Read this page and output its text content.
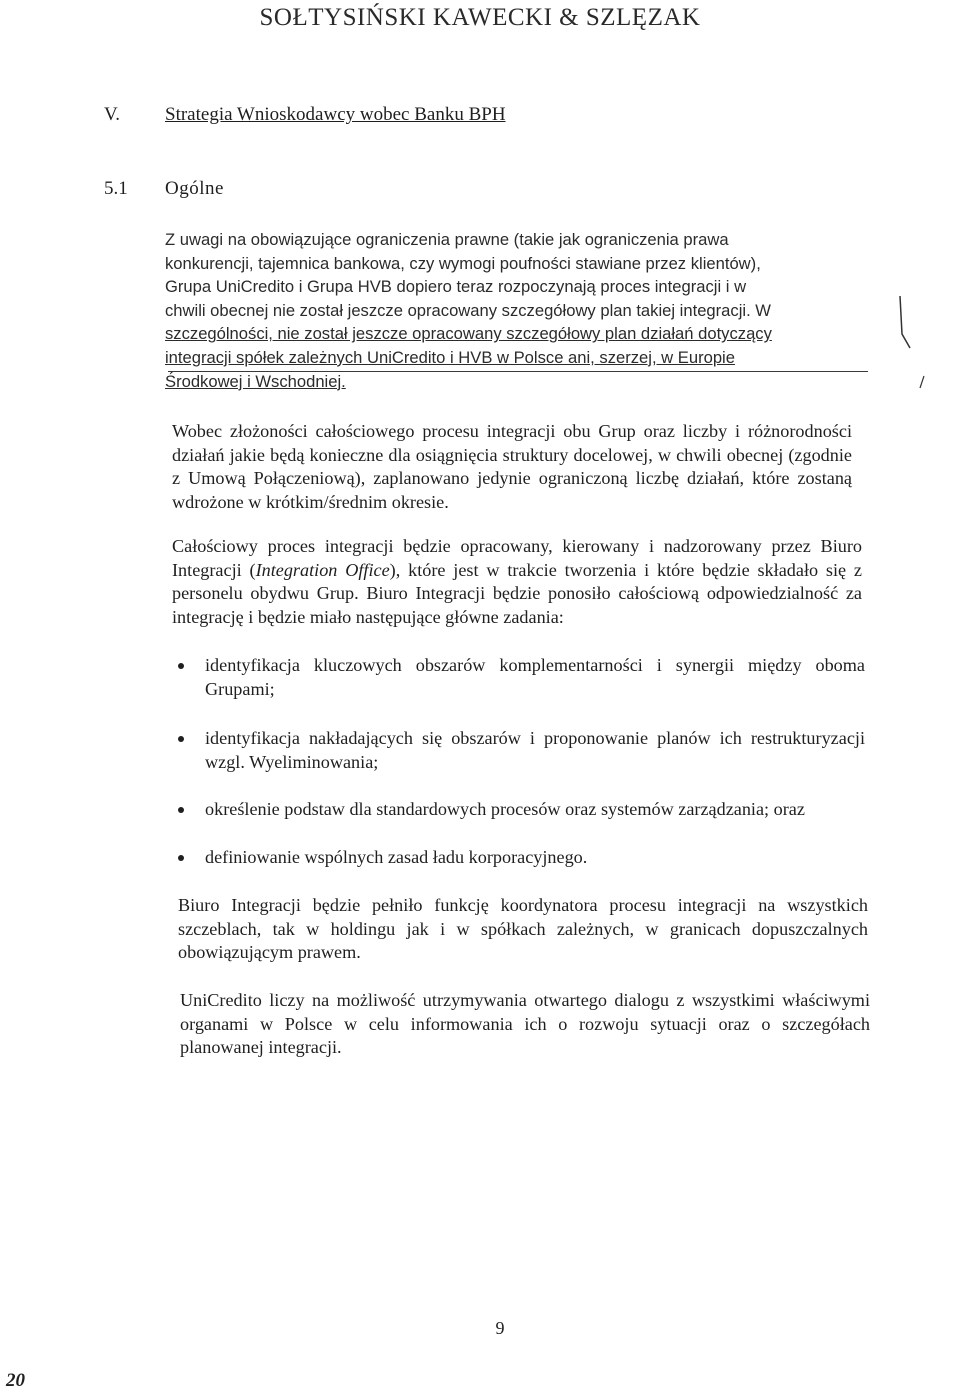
SOŁTYSIŃSKI KAWECKI & SZLĘZAK
V. Strategia Wnioskodawcy wobec Banku BPH
5.1 Ogólne
Z uwagi na obowiązujące ograniczenia prawne (takie jak ograniczenia prawa
konkurencji, tajemnica bankowa, czy wymogi poufności stawiane przez klientów),
Grupa UniCredito i Grupa HVB dopiero teraz rozpoczynają proces integracji i w
chwili obecnej nie został jeszcze opracowany szczegółowy plan takiej integracji. W
szczególności, nie został jeszcze opracowany szczegółowy plan działań dotyczący
integracji spółek zależnych UniCredito i HVB w Polsce ani, szerzej, w Europie
Środkowej i Wschodniej.

Wobec złożoności całościowego procesu integracji obu Grup oraz liczby i różnorodności działań jakie będą konieczne dla osiągnięcia struktury docelowej, w chwili obecnej (zgodnie z Umową Połączeniową), zaplanowano jedynie ograniczoną liczbę działań, które zostaną wdrożone w krótkim/średnim okresie.

Całościowy proces integracji będzie opracowany, kierowany i nadzorowany przez Biuro Integracji (Integration Office), które jest w trakcie tworzenia i które będzie składało się z personelu obydwu Grup. Biuro Integracji będzie ponosiło całościową odpowiedzialność za integrację i będzie miało następujące główne zadania:

identyfikacja kluczowych obszarów komplementarności i synergii między oboma Grupami;
identyfikacja nakładających się obszarów i proponowanie planów ich restrukturyzacji wzgl. Wyeliminowania;
określenie podstaw dla standardowych procesów oraz systemów zarządzania; oraz
definiowanie wspólnych zasad ładu korporacyjnego.

Biuro Integracji będzie pełniło funkcję koordynatora procesu integracji na wszystkich szczeblach, tak w holdingu jak i w spółkach zależnych, w granicach dopuszczalnych obowiązującym prawem.

UniCredito liczy na możliwość utrzymywania otwartego dialogu z wszystkimi właściwymi organami w Polsce w celu informowania ich o rozwoju sytuacji oraz o szczegółach planowanej integracji.

9
20
